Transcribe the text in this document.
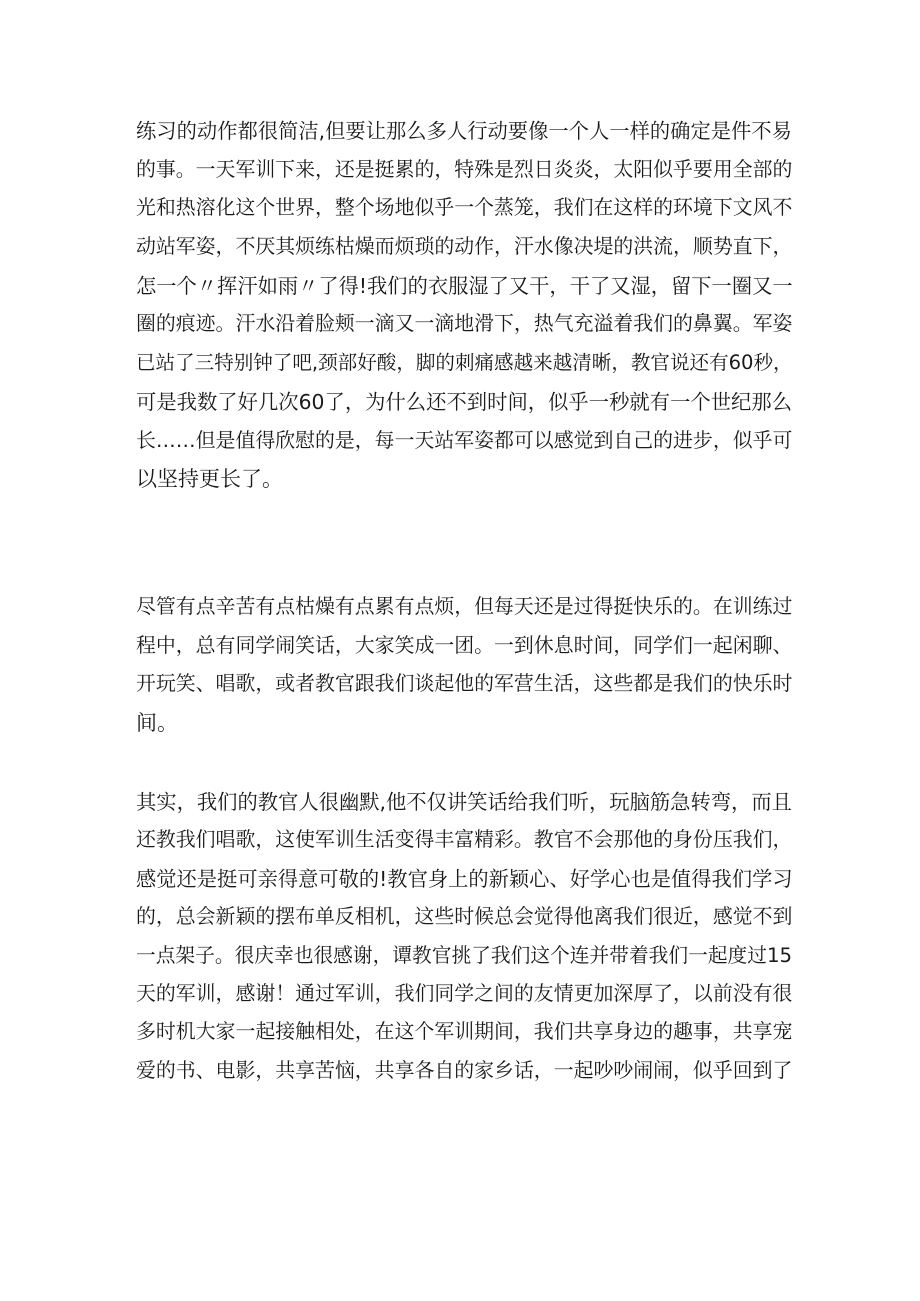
练习的动作都很简洁,但要让那么多人行动要像一个人一样的确定是件不易
的事。一天军训下来，还是挺累的，特殊是烈日炎炎，太阳似乎要用全部的
光和热溶化这个世界，整个场地似乎一个蒸笼，我们在这样的环境下文风不
动站军姿，不厌其烦练枯燥而烦琐的动作，汗水像决堤的洪流，顺势直下，
怎一个〃挥汗如雨〃了得!我们的衣服湿了又干，干了又湿，留下一圈又一
圈的痕迹。汗水沿着脸颊一滴又一滴地滑下，热气充溢着我们的鼻翼。军姿
已站了三特别钟了吧,颈部好酸，脚的刺痛感越来越清晰，教官说还有60秒，
可是我数了好几次60了，为什么还不到时间，似乎一秒就有一个世纪那么
长……但是值得欣慰的是，每一天站军姿都可以感觉到自己的进步，似乎可
以坚持更长了。
尽管有点辛苦有点枯燥有点累有点烦，但每天还是过得挺快乐的。在训练过
程中，总有同学闹笑话，大家笑成一团。一到休息时间，同学们一起闲聊、
开玩笑、唱歌，或者教官跟我们谈起他的军营生活，这些都是我们的快乐时
间。
其实，我们的教官人很幽默,他不仅讲笑话给我们听，玩脑筋急转弯，而且
还教我们唱歌，这使军训生活变得丰富精彩。教官不会那他的身份压我们，
感觉还是挺可亲得意可敬的!教官身上的新颖心、好学心也是值得我们学习
的，总会新颖的摆布单反相机，这些时候总会觉得他离我们很近，感觉不到
一点架子。很庆幸也很感谢，谭教官挑了我们这个连并带着我们一起度过15
天的军训，感谢！通过军训，我们同学之间的友情更加深厚了，以前没有很
多时机大家一起接触相处，在这个军训期间，我们共享身边的趣事，共享宠
爱的书、电影，共享苦恼，共享各自的家乡话，一起吵吵闹闹，似乎回到了
